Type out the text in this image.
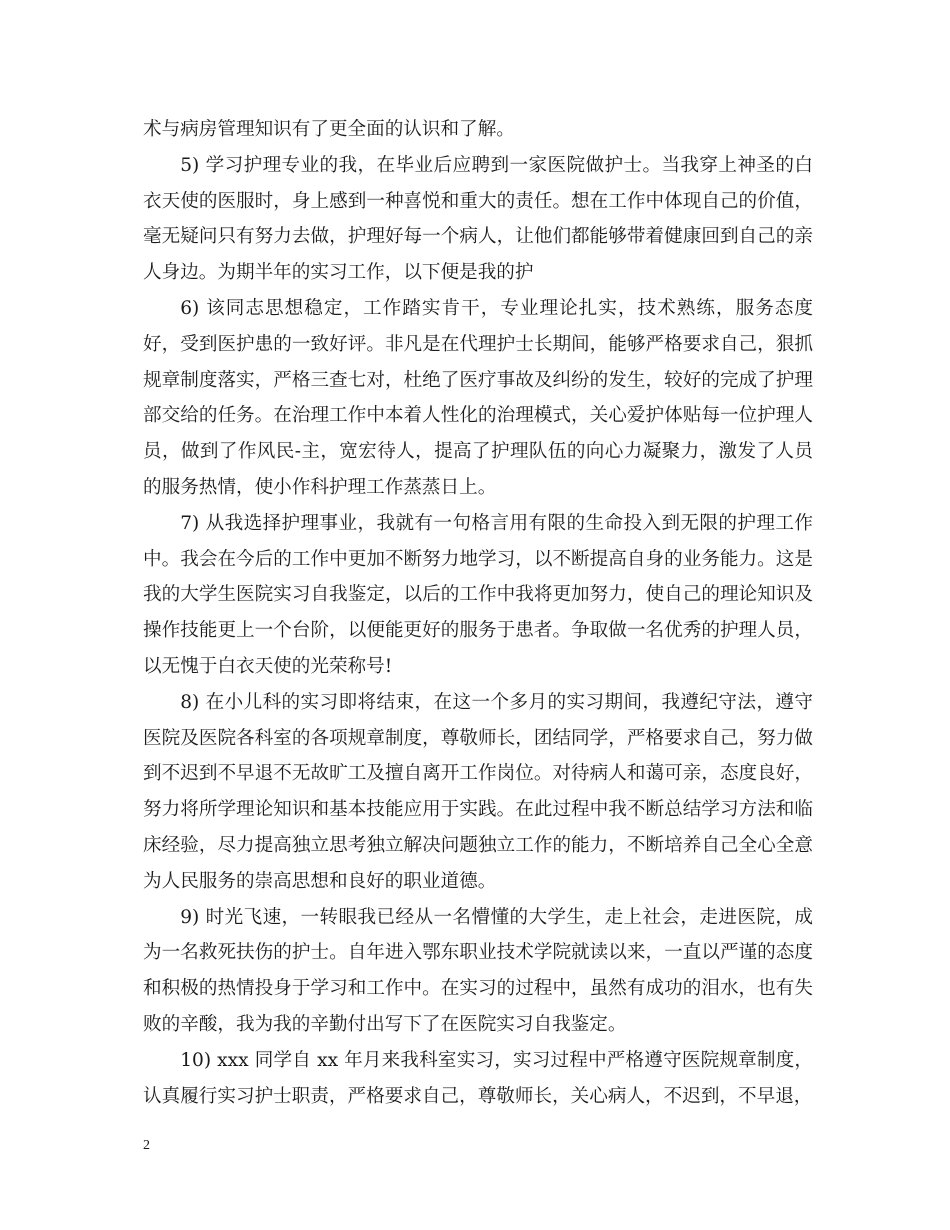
术与病房管理知识有了更全面的认识和了解。

5) 学习护理专业的我，在毕业后应聘到一家医院做护士。当我穿上神圣的白衣天使的医服时，身上感到一种喜悦和重大的责任。想在工作中体现自己的价值，毫无疑问只有努力去做，护理好每一个病人，让他们都能够带着健康回到自己的亲人身边。为期半年的实习工作，以下便是我的护

6) 该同志思想稳定，工作踏实肯干，专业理论扎实，技术熟练，服务态度好，受到医护患的一致好评。非凡是在代理护士长期间，能够严格要求自己，狠抓规章制度落实，严格三查七对，杜绝了医疗事故及纠纷的发生，较好的完成了护理部交给的任务。在治理工作中本着人性化的治理模式，关心爱护体贴每一位护理人员，做到了作风民-主，宽宏待人，提高了护理队伍的向心力凝聚力，激发了人员的服务热情，使小作科护理工作蒸蒸日上。

7) 从我选择护理事业，我就有一句格言用有限的生命投入到无限的护理工作中。我会在今后的工作中更加不断努力地学习，以不断提高自身的业务能力。这是我的大学生医院实习自我鉴定，以后的工作中我将更加努力，使自己的理论知识及操作技能更上一个台阶，以便能更好的服务于患者。争取做一名优秀的护理人员，以无愧于白衣天使的光荣称号!

8) 在小儿科的实习即将结束，在这一个多月的实习期间，我遵纪守法，遵守医院及医院各科室的各项规章制度，尊敬师长，团结同学，严格要求自己，努力做到不迟到不早退不无故旷工及擅自离开工作岗位。对待病人和蔼可亲，态度良好，努力将所学理论知识和基本技能应用于实践。在此过程中我不断总结学习方法和临床经验，尽力提高独立思考独立解决问题独立工作的能力，不断培养自己全心全意为人民服务的崇高思想和良好的职业道德。

9) 时光飞速，一转眼我已经从一名懵懂的大学生，走上社会，走进医院，成为一名救死扶伤的护士。自年进入鄂东职业技术学院就读以来，一直以严谨的态度和积极的热情投身于学习和工作中。在实习的过程中，虽然有成功的泪水，也有失败的辛酸，我为我的辛勤付出写下了在医院实习自我鉴定。

10) xxx 同学自 xx 年月来我科室实习，实习过程中严格遵守医院规章制度，认真履行实习护士职责，严格要求自己，尊敬师长，关心病人，不迟到，不早退，

2
